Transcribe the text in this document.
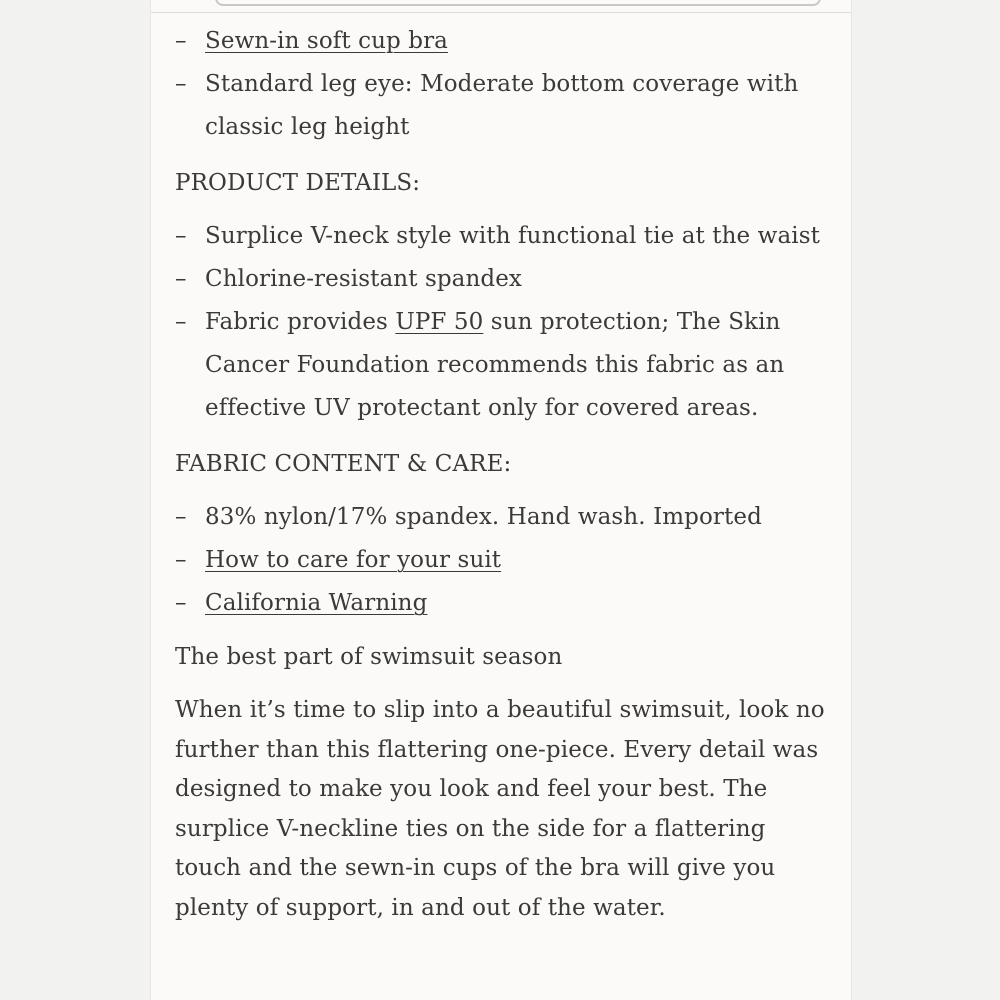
– Sewn-in soft cup bra
– Standard leg eye: Moderate bottom coverage with classic leg height
PRODUCT DETAILS:
– Surplice V-neck style with functional tie at the waist
– Chlorine-resistant spandex
– Fabric provides UPF 50 sun protection; The Skin Cancer Foundation recommends this fabric as an effective UV protectant only for covered areas.
FABRIC CONTENT & CARE:
– 83% nylon/17% spandex. Hand wash. Imported
– How to care for your suit
– California Warning
The best part of swimsuit season

When it’s time to slip into a beautiful swimsuit, look no further than this flattering one-piece. Every detail was designed to make you look and feel your best. The surplice V-neckline ties on the side for a flattering touch and the sewn-in cups of the bra will give you plenty of support, in and out of the water.
